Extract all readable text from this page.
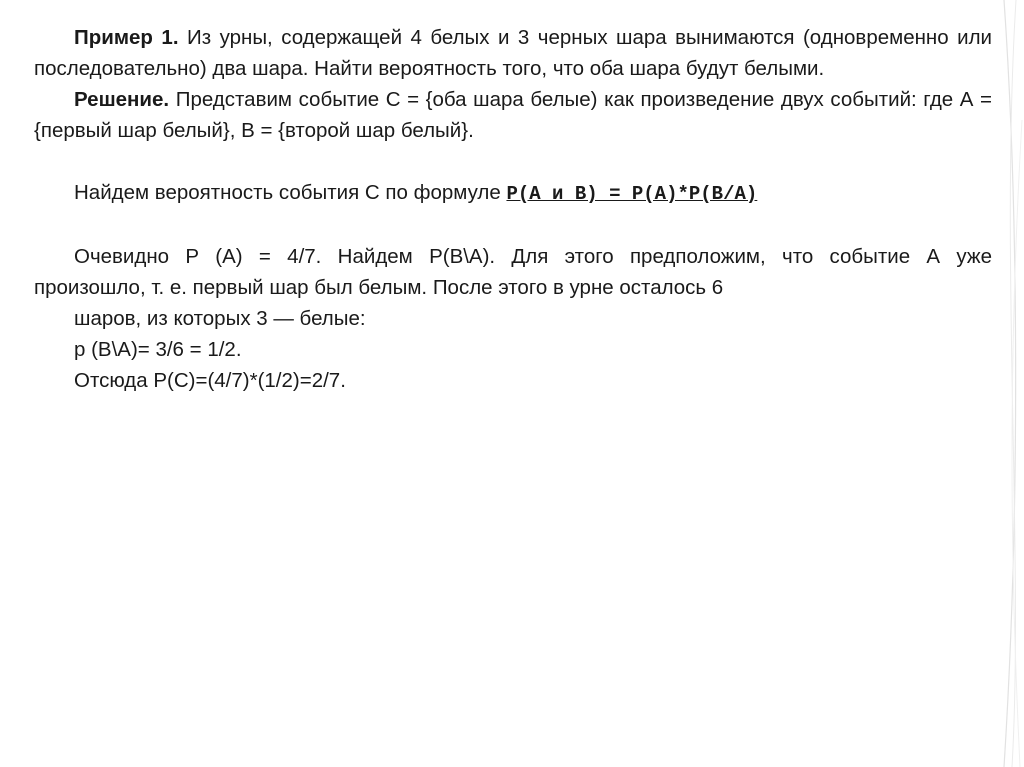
Пример 1. Из урны, содержащей 4 белых и 3 черных шара вынимаются (одновременно или последовательно) два шара. Найти вероятность того, что оба шара будут белыми.

Решение. Представим событие С = {оба шара белые) как произведение двух событий: где А = {первый шар белый}, В = {второй шар белый}.

Найдем вероятность события С по формуле P(A и B) = P(A)*P(B/A)

Очевидно Р (А) = 4/7. Найдем Р(В\А). Для этого предположим, что событие А уже

произошло, т. е. первый шар был белым. После этого в урне осталось 6

шаров, из которых 3 — белые:
р (В\А)= 3/6 = 1/2.
Отсюда Р(С)=(4/7)*(1/2)=2/7.
